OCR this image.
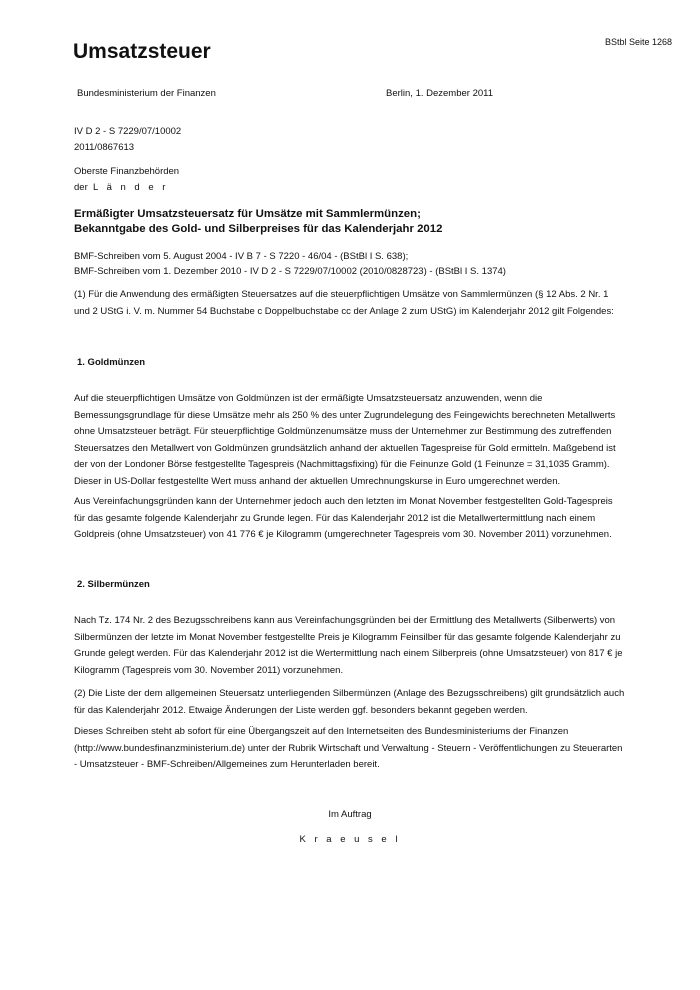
BStbl Seite 1268
Umsatzsteuer
Bundesministerium der Finanzen	Berlin, 1. Dezember 2011
IV D 2 - S 7229/07/10002
2011/0867613
Oberste Finanzbehörden
der L ä n d e r
Ermäßigter Umsatzsteuersatz für Umsätze mit Sammlermünzen;
Bekanntgabe des Gold- und Silberpreises für das Kalenderjahr 2012
BMF-Schreiben vom 5. August 2004 - IV B 7 - S 7220 - 46/04 - (BStBl I S. 638);
BMF-Schreiben vom 1. Dezember 2010 - IV D 2 - S 7229/07/10002 (2010/0828723) - (BStBl I S. 1374)

(1) Für die Anwendung des ermäßigten Steuersatzes auf die steuerpflichtigen Umsätze von Sammlermünzen (§ 12 Abs. 2 Nr. 1 und 2 UStG i. V. m. Nummer 54 Buchstabe c Doppelbuchstabe cc der Anlage 2 zum UStG) im Kalenderjahr 2012 gilt Folgendes:

1. Goldmünzen

Auf die steuerpflichtigen Umsätze von Goldmünzen ist der ermäßigte Umsatzsteuersatz anzuwenden, wenn die Bemessungsgrundlage für diese Umsätze mehr als 250 % des unter Zugrundelegung des Feingewichts berechneten Metallwerts ohne Umsatzsteuer beträgt. Für steuerpflichtige Goldmünzenumsätze muss der Unternehmer zur Bestimmung des zutreffenden Steuersatzes den Metallwert von Goldmünzen grundsätzlich anhand der aktuellen Tagespreise für Gold ermitteln. Maßgebend ist der von der Londoner Börse festgestellte Tagespreis (Nachmittagsfixing) für die Feinunze Gold (1 Feinunze = 31,1035 Gramm). Dieser in US-Dollar festgestellte Wert muss anhand der aktuellen Umrechnungskurse in Euro umgerechnet werden.

Aus Vereinfachungsgründen kann der Unternehmer jedoch auch den letzten im Monat November festgestellten Gold-Tagespreis für das gesamte folgende Kalenderjahr zu Grunde legen. Für das Kalenderjahr 2012 ist die Metallwertermittlung nach einem Goldpreis (ohne Umsatzsteuer) von 41 776 € je Kilogramm (umgerechneter Tagespreis vom 30. November 2011) vorzunehmen.

2. Silbermünzen

Nach Tz. 174 Nr. 2 des Bezugsschreibens kann aus Vereinfachungsgründen bei der Ermittlung des Metallwerts (Silberwerts) von Silbermünzen der letzte im Monat November festgestellte Preis je Kilogramm Feinsilber für das gesamte folgende Kalenderjahr zu Grunde gelegt werden. Für das Kalenderjahr 2012 ist die Wertermittlung nach einem Silberpreis (ohne Umsatzsteuer) von 817 € je Kilogramm (Tagespreis vom 30. November 2011) vorzunehmen.

(2) Die Liste der dem allgemeinen Steuersatz unterliegenden Silbermünzen (Anlage des Bezugsschreibens) gilt grundsätzlich auch für das Kalenderjahr 2012. Etwaige Änderungen der Liste werden ggf. besonders bekannt gegeben werden.

Dieses Schreiben steht ab sofort für eine Übergangszeit auf den Internetseiten des Bundesministeriums der Finanzen (http://www.bundesfinanzministerium.de) unter der Rubrik Wirtschaft und Verwaltung - Steuern - Veröffentlichungen zu Steuerarten - Umsatzsteuer - BMF-Schreiben/Allgemeines zum Herunterladen bereit.

Im Auftrag
K r a e u s e l
